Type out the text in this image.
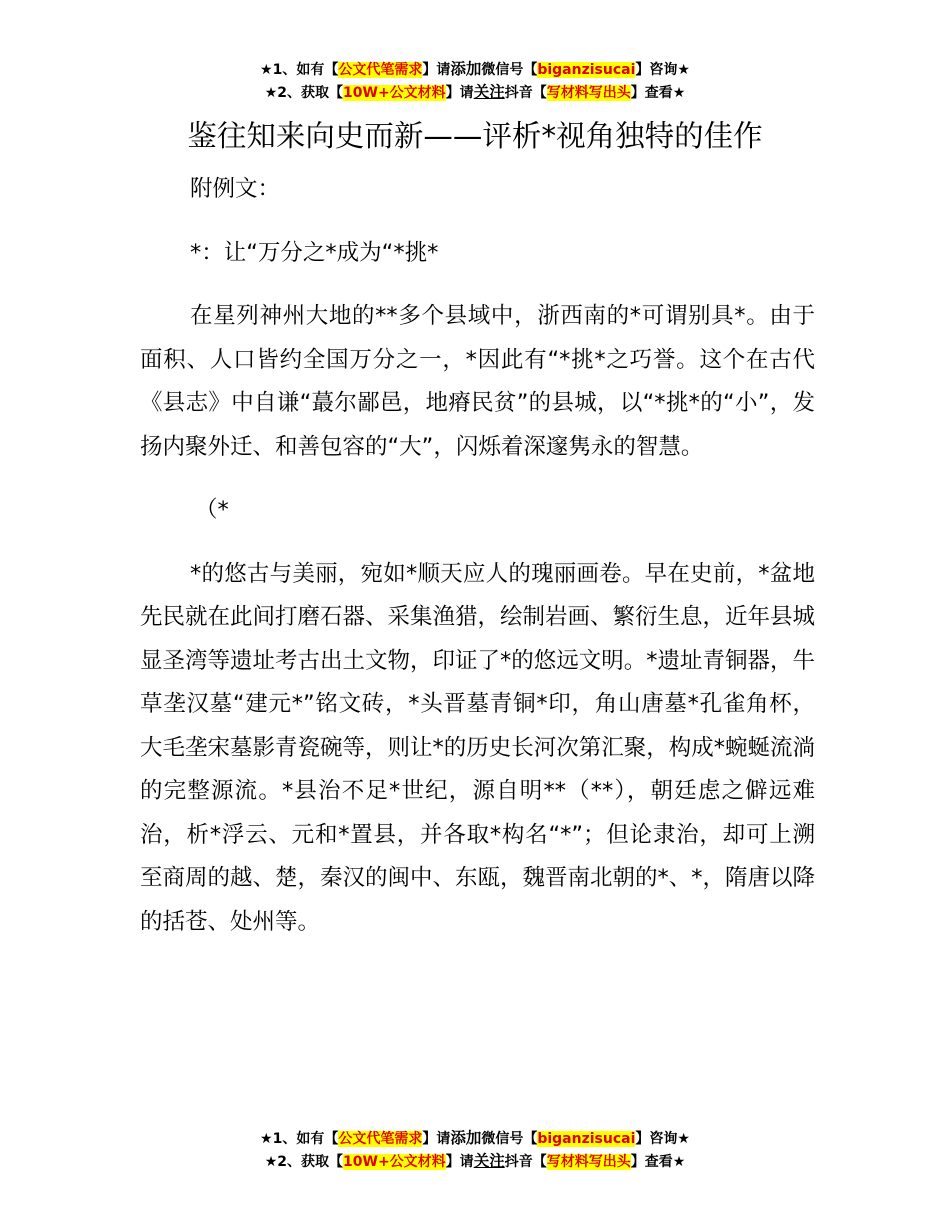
★1、如有【公文代笔需求】请添加微信号【biganzisucai】咨询★
★2、获取【10W+公文材料】请关注抖音【写材料写出头】查看★
鉴往知来向史而新——评析*视角独特的佳作

附例文：

*：让“万分之*成为“*挑*

在星列神州大地的**多个县域中，浙西南的*可谓别具*。由于面积、人口皆约全国万分之一，*因此有“*挑*之巧誉。这个在古代《县志》中自谦“蕞尔鄙邑，地瘠民贫”的县城，以“*挑*的“小”，发扬内聚外迁、和善包容的“大”，闪烁着深邃隽永的智慧。

（*

*的悠古与美丽，宛如*顺天应人的瑰丽画卷。早在史前，*盆地先民就在此间打磨石器、采集渔猎，绘制岩画、繁衍生息，近年县城显圣湾等遗址考古出土文物，印证了*的悠远文明。*遗址青铜器，牛草垄汉墓“建元*”铭文砖，*头晋墓青铜*印，角山唐墓*孔雀角杯，大毛垄宋墓影青瓷碗等，则让*的历史长河次第汇聚，构成*蜿蜒流淌的完整源流。*县治不足*世纪，源自明**（**），朝廷虑之僻远难治，析*浮云、元和*置县，并各取*构名“*”；但论隶治，却可上溯至商周的越、楚，秦汉的闽中、东瓯，魏晋南北朝的*、*，隋唐以降的括苍、处州等。

★1、如有【公文代笔需求】请添加微信号【biganzisucai】咨询★
★2、获取【10W+公文材料】请关注抖音【写材料写出头】查看★
